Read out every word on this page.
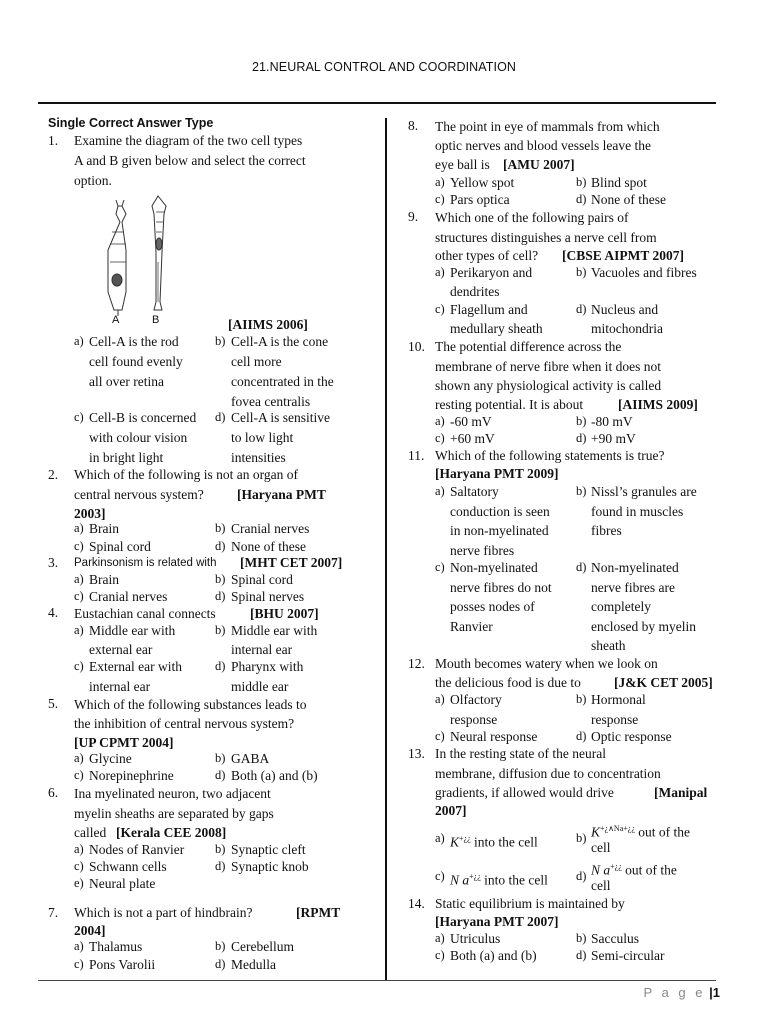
21.NEURAL CONTROL AND COORDINATION
Single Correct Answer Type
1. Examine the diagram of the two cell types
A and B given below and select the correct
option.
A	B	[AIIMS 2006]
a) Cell-A is the rod
cell found evenly
all over retina
b) Cell-A is the cone
cell more
concentrated in the
fovea centralis
c) Cell-B is concerned
with colour vision
in bright light
d) Cell-A is sensitive
to low light
intensities
2. Which of the following is not an organ of
central nervous system? [Haryana PMT
2003]
a) Brain	b) Cranial nerves
c) Spinal cord	d) None of these
3. Parkinsonism is related with [MHT CET 2007]
a) Brain	b) Spinal cord
c) Cranial nerves	d) Spinal nerves
4. Eustachian canal connects	[BHU 2007]
a) Middle ear with
external ear
b) Middle ear with
internal ear
c) External ear with
internal ear
d) Pharynx with
middle ear
5. Which of the following substances leads to
the inhibition of central nervous system?
[UP CPMT 2004]
a) Glycine	b) GABA
c) Norepinephrine	d) Both (a) and (b)
6. Ina myelinated neuron, two adjacent
myelin sheaths are separated by gaps
called [Kerala CEE 2008]
a) Nodes of Ranvier b) Synaptic cleft
c) Schwann cells	d) Synaptic knob
e) Neural plate
7. Which is not a part of hindbrain?	[RPMT
2004]
a) Thalamus	b) Cerebellum
c) Pons Varolii	d) Medulla
8. The point in eye of mammals from which
optic nerves and blood vessels leave the
eye ball is [AMU 2007]
a) Yellow spot	b) Blind spot
c) Pars optica	d) None of these
9. Which one of the following pairs of
structures distinguishes a nerve cell from
other types of cell? [CBSE AIPMT 2007]
a) Perikaryon and
dendrites
b) Vacuoles and fibres
c) Flagellum and
medullary sheath
d) Nucleus and
mitochondria
10. The potential difference across the
membrane of nerve fibre when it does not
shown any physiological activity is called
resting potential. It is about	[AIIMS 2009]
a) -60 mV	b) -80 mV
c) +60 mV	d) +90 mV
11. Which of the following statements is true?
[Haryana PMT 2009]
a) Saltatory
conduction is seen
in non-myelinated
nerve fibres
b) Nissl’s granules are
found in muscles
fibres
c) Non-myelinated
nerve fibres do not
posses nodes of
Ranvier
d) Non-myelinated
nerve fibres are
completely
enclosed by myelin
sheath
12. Mouth becomes watery when we look on
the delicious food is due to [J&K CET 2005]
a) Olfactory
response
b) Hormonal
response
c) Neural response	d) Optic response
13. In the resting state of the neural
membrane, diffusion due to concentration
gradients, if allowed would drive	[Manipal
2007]
a) K+¿¿ into the cell	b) $K^{+¿\wedge Na+¿¿}$ out of the
cell
c) N a+¿¿ into the cell d) N a+¿¿ out of the
cell
14. Static equilibrium is maintained by
[Haryana PMT 2007]
a) Utriculus	b) Sacculus
c) Both (a) and (b)	d) Semi-circular
P a g e |1
